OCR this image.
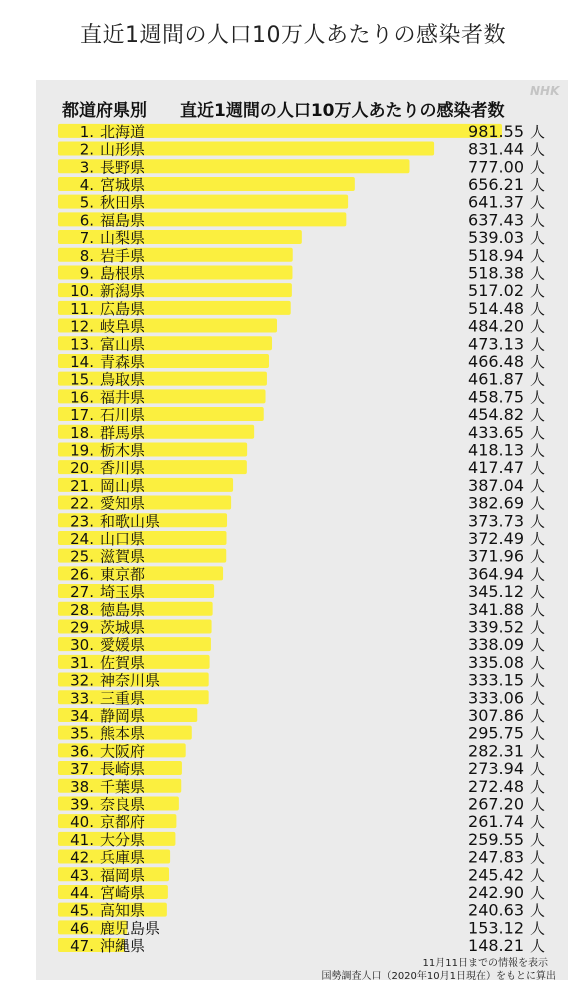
直近1週間の人口10万人あたりの感染者数
NHK
都道府県別 直近1週間の人口10万人あたりの感染者数
1. 北海道	981.55 人
2. 山形県	831.44 人
3. 長野県	777.00 人
4. 宮城県	656.21 人
5. 秋田県	641.37 人
6. 福島県	637.43 人
7. 山梨県	539.03 人
8. 岩手県	518.94 人
9. 島根県	518.38 人
10. 新潟県	517.02 人
11. 広島県	514.48 人
12. 岐阜県	484.20 人
13. 富山県	473.13 人
14. 青森県	466.48 人
15. 鳥取県	461.87 人
16. 福井県	458.75 人
17. 石川県	454.82 人
18. 群馬県	433.65 人
19. 栃木県	418.13 人
20. 香川県	417.47 人
21. 岡山県	387.04 人
22. 愛知県	382.69 人
23. 和歌山県	373.73 人
24. 山口県	372.49 人
25. 滋賀県	371.96 人
26. 東京都	364.94 人
27. 埼玉県	345.12 人
28. 徳島県	341.88 人
29. 茨城県	339.52 人
30. 愛媛県	338.09 人
31. 佐賀県	335.08 人
32. 神奈川県	333.15 人
33. 三重県	333.06 人
34. 静岡県	307.86 人
35. 熊本県	295.75 人
36. 大阪府	282.31 人
37. 長崎県	273.94 人
38. 千葉県	272.48 人
39. 奈良県	267.20 人
40. 京都府	261.74 人
41. 大分県	259.55 人
42. 兵庫県	247.83 人
43. 福岡県	245.42 人
44. 宮崎県	242.90 人
45. 高知県	240.63 人
46. 鹿児島県	153.12 人
47. 沖縄県	148.21 人
11月11日までの情報を表示
国勢調査人口（2020年10月1日現在）をもとに算出
